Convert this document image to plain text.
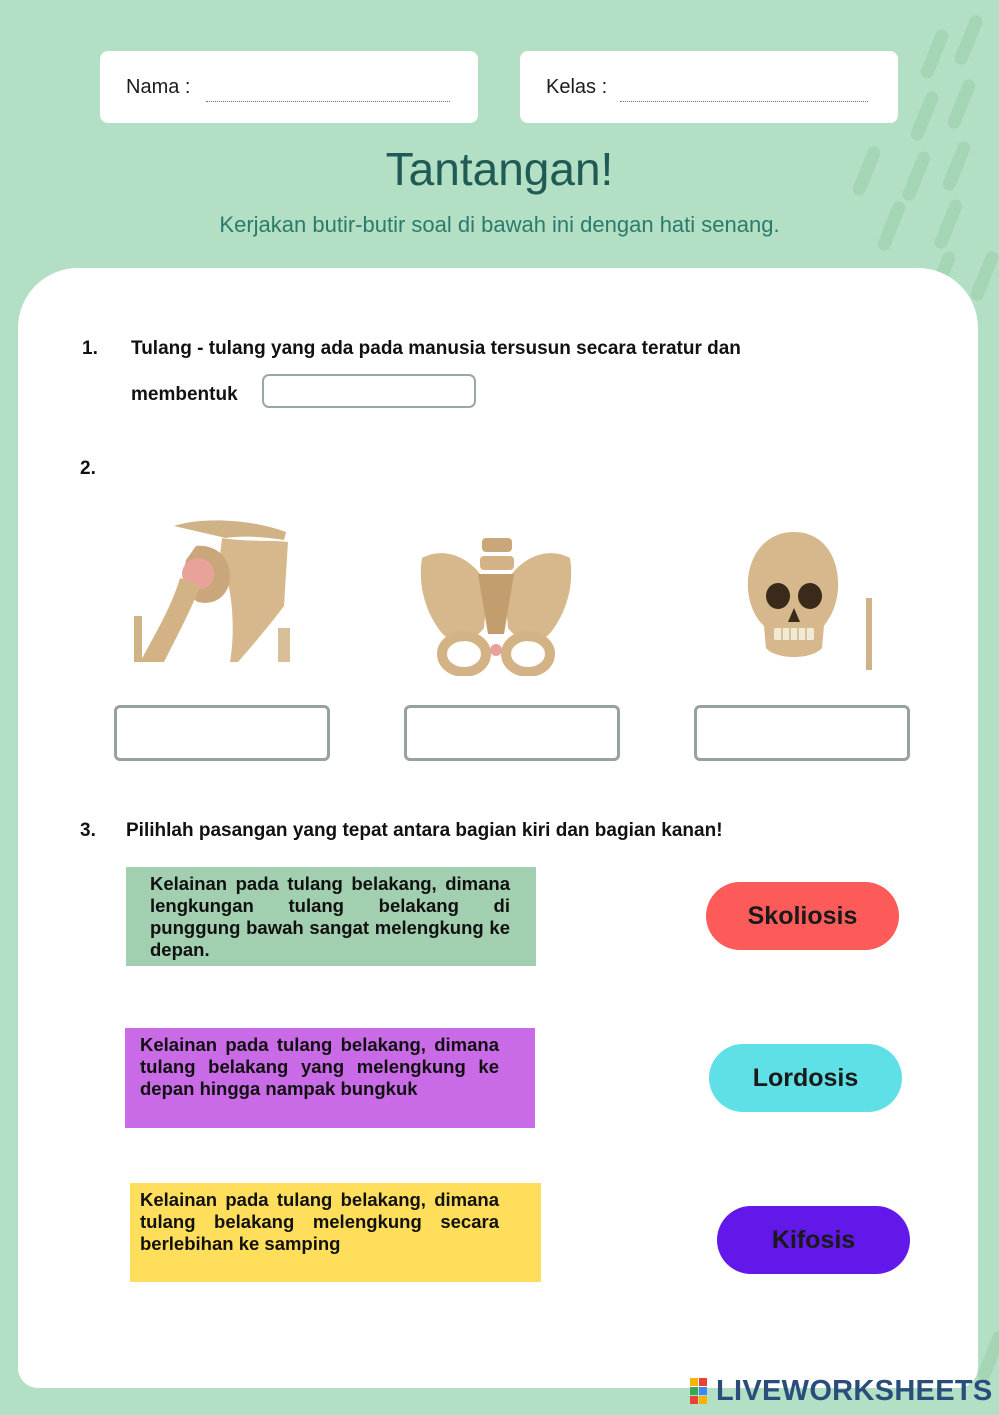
Nama :	Kelas :
Tantangan!
Kerjakan butir-butir soal di bawah ini dengan hati senang.
1. Tulang - tulang yang ada pada manusia tersusun secara teratur dan
membentuk
2.
3. Pilihlah pasangan yang tepat antara bagian kiri dan bagian kanan!
Kelainan pada tulang belakang, dimana lengkungan tulang belakang di punggung bawah sangat melengkung ke depan.
Kelainan pada tulang belakang, dimana tulang belakang yang melengkung ke depan hingga nampak bungkuk
Kelainan pada tulang belakang, dimana tulang belakang melengkung secara berlebihan ke samping
Skoliosis
Lordosis
Kifosis
LIVEWORKSHEETS
